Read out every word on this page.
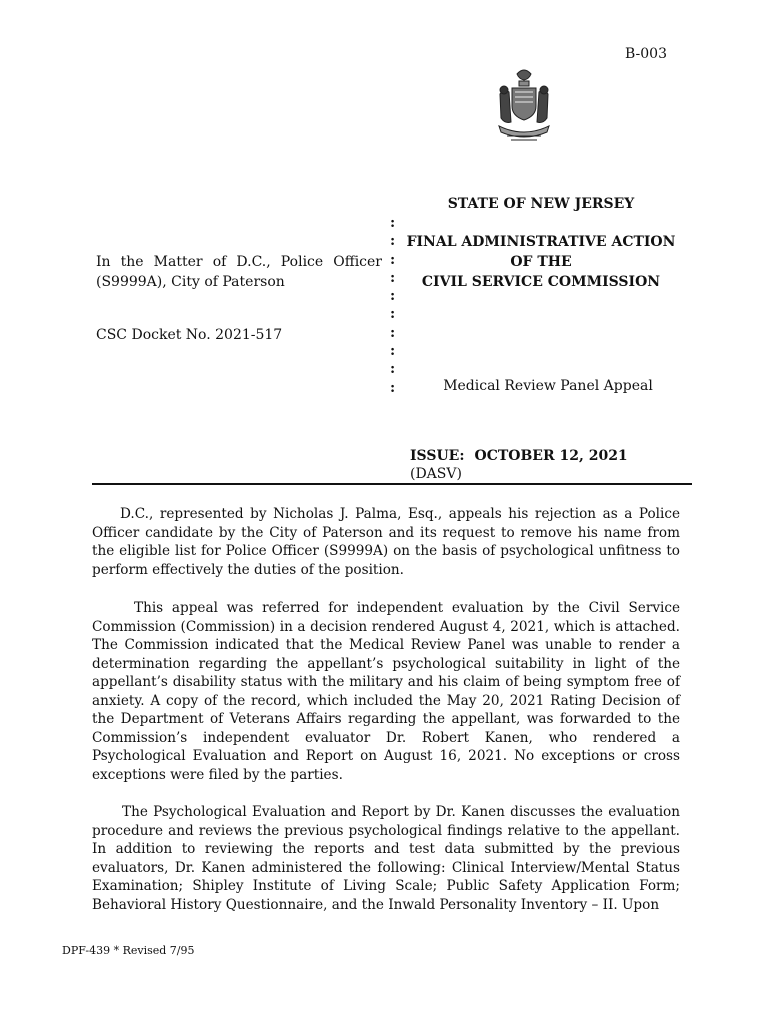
B-003
STATE OF NEW JERSEY
FINAL ADMINISTRATIVE ACTION
OF THE
CIVIL SERVICE COMMISSION
In the Matter of D.C., Police Officer (S9999A), City of Paterson
CSC Docket No. 2021-517
:
:
:
:
:
:
:
:
:
:	Medical Review Panel Appeal
ISSUE: OCTOBER 12, 2021
(DASV)
D.C., represented by Nicholas J. Palma, Esq., appeals his rejection as a Police Officer candidate by the City of Paterson and its request to remove his name from the eligible list for Police Officer (S9999A) on the basis of psychological unfitness to perform effectively the duties of the position.
This appeal was referred for independent evaluation by the Civil Service Commission (Commission) in a decision rendered August 4, 2021, which is attached. The Commission indicated that the Medical Review Panel was unable to render a determination regarding the appellant’s psychological suitability in light of the appellant’s disability status with the military and his claim of being symptom free of anxiety. A copy of the record, which included the May 20, 2021 Rating Decision of the Department of Veterans Affairs regarding the appellant, was forwarded to the Commission’s independent evaluator Dr. Robert Kanen, who rendered a Psychological Evaluation and Report on August 16, 2021. No exceptions or cross exceptions were filed by the parties.
The Psychological Evaluation and Report by Dr. Kanen discusses the evaluation procedure and reviews the previous psychological findings relative to the appellant. In addition to reviewing the reports and test data submitted by the previous evaluators, Dr. Kanen administered the following: Clinical Interview/Mental Status Examination; Shipley Institute of Living Scale; Public Safety Application Form; Behavioral History Questionnaire, and the Inwald Personality Inventory – II. Upon
DPF-439 * Revised 7/95
